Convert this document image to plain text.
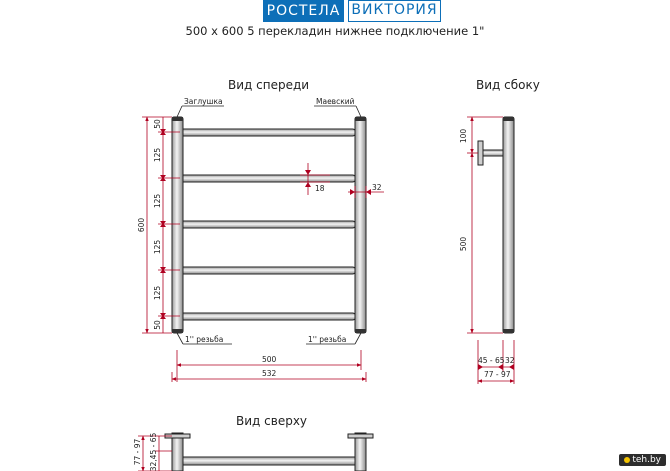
РОСТЕЛА ВИКТОРИЯ
500 x 600 5 перекладин нижнее подключение 1"
Вид спереди	Вид сбоку
Вид сверху
Заглушка	Маевский
1'' резьба	1'' резьба
600
50
125
125
125
125
50
18	32
500
532
100
500
45 - 65 32
77 - 97
77 - 97 32,45 - 65	teh.by
